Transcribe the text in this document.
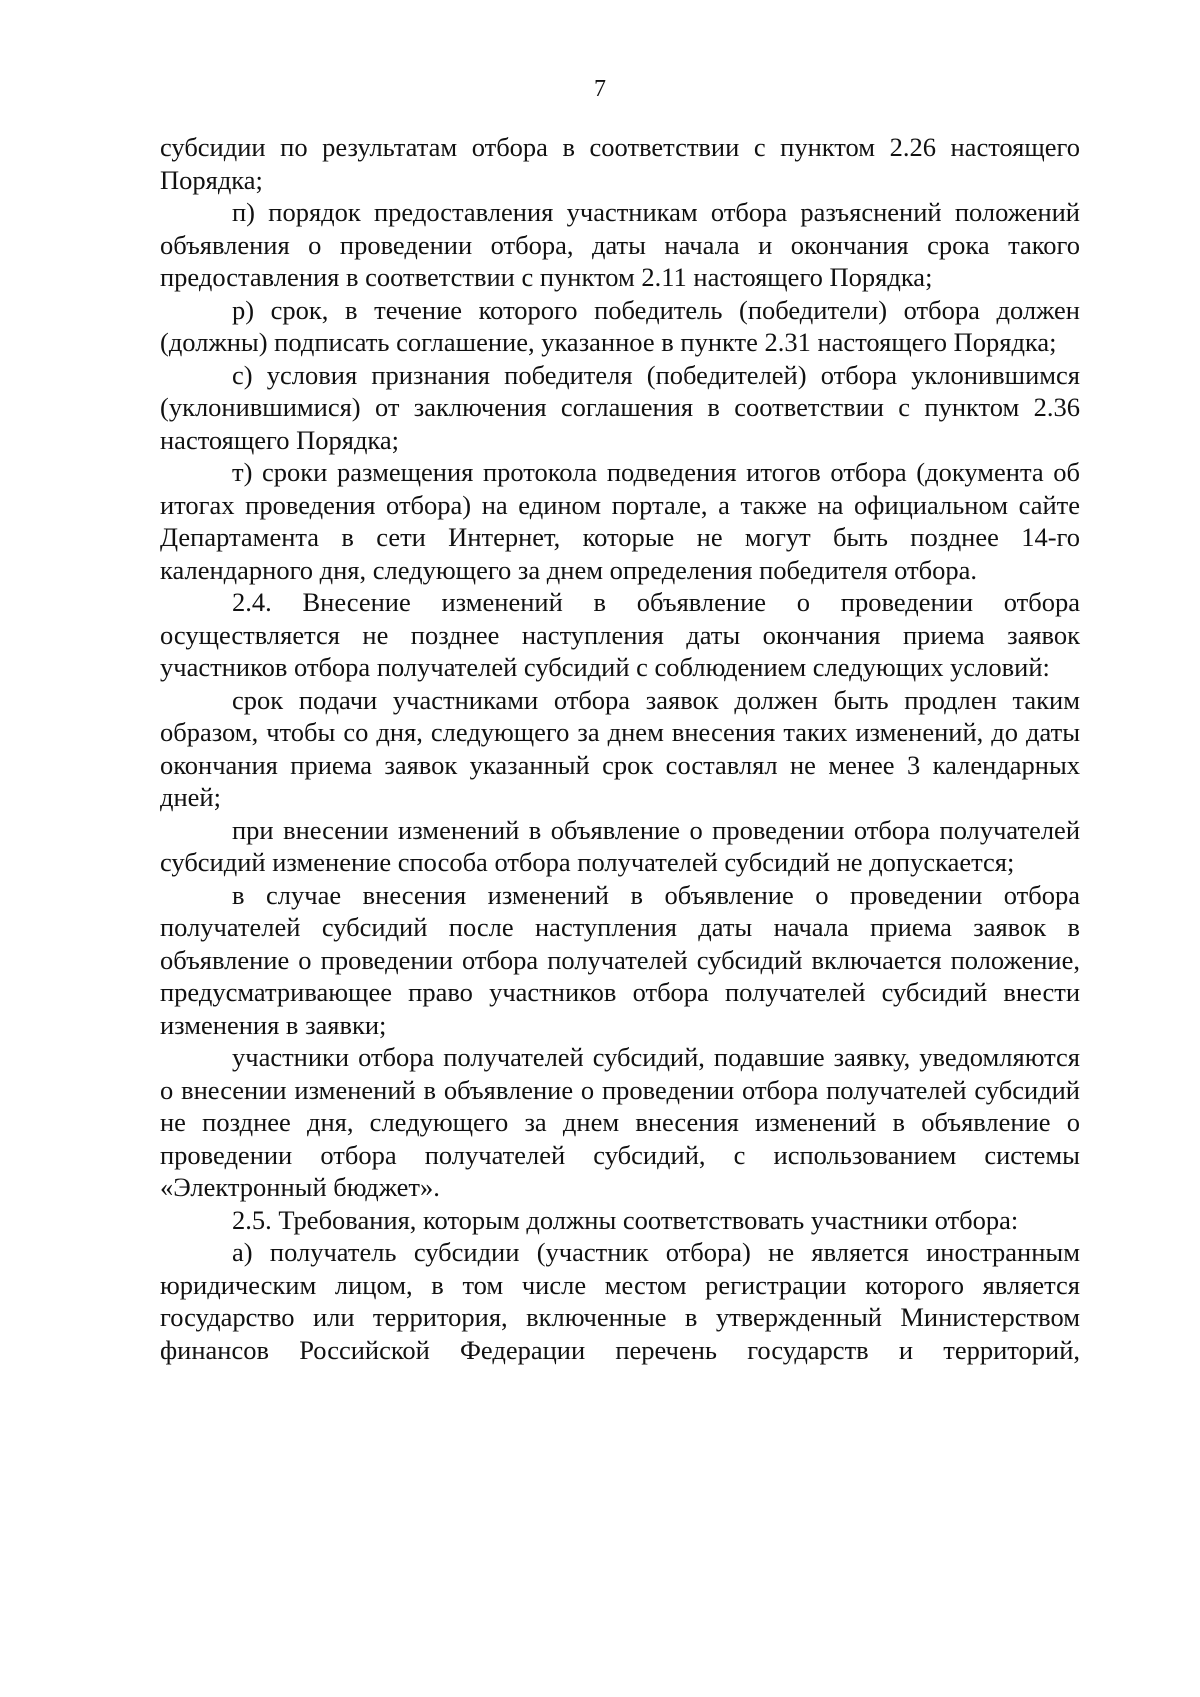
7

субсидии по результатам отбора в соответствии с пунктом 2.26 настоящего Порядка;

п) порядок предоставления участникам отбора разъяснений положений объявления о проведении отбора, даты начала и окончания срока такого предоставления в соответствии с пунктом 2.11 настоящего Порядка;

р) срок, в течение которого победитель (победители) отбора должен (должны) подписать соглашение, указанное в пункте 2.31 настоящего Порядка;

с) условия признания победителя (победителей) отбора уклонившимся (уклонившимися) от заключения соглашения в соответствии с пунктом 2.36 настоящего Порядка;

т) сроки размещения протокола подведения итогов отбора (документа об итогах проведения отбора) на едином портале, а также на официальном сайте Департамента в сети Интернет, которые не могут быть позднее 14-го календарного дня, следующего за днем определения победителя отбора.

2.4. Внесение изменений в объявление о проведении отбора осуществляется не позднее наступления даты окончания приема заявок участников отбора получателей субсидий с соблюдением следующих условий:

срок подачи участниками отбора заявок должен быть продлен таким образом, чтобы со дня, следующего за днем внесения таких изменений, до даты окончания приема заявок указанный срок составлял не менее 3 календарных дней;

при внесении изменений в объявление о проведении отбора получателей субсидий изменение способа отбора получателей субсидий не допускается;

в случае внесения изменений в объявление о проведении отбора получателей субсидий после наступления даты начала приема заявок в объявление о проведении отбора получателей субсидий включается положение, предусматривающее право участников отбора получателей субсидий внести изменения в заявки;

участники отбора получателей субсидий, подавшие заявку, уведомляются о внесении изменений в объявление о проведении отбора получателей субсидий не позднее дня, следующего за днем внесения изменений в объявление о проведении отбора получателей субсидий, с использованием системы «Электронный бюджет».

2.5. Требования, которым должны соответствовать участники отбора:

а) получатель субсидии (участник отбора) не является иностранным юридическим лицом, в том числе местом регистрации которого является государство или территория, включенные в утвержденный Министерством финансов Российской Федерации перечень государств и территорий,
